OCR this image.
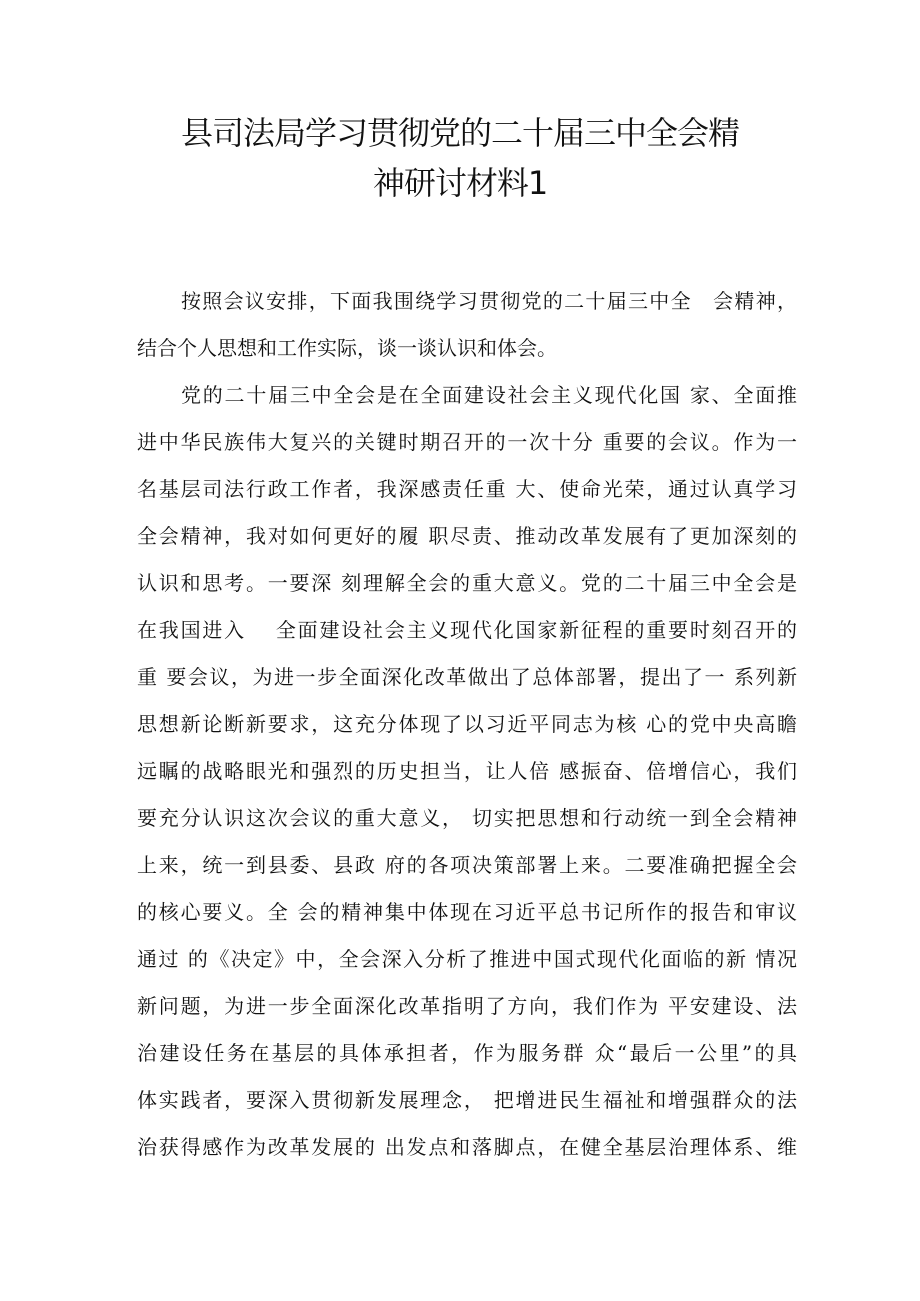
县司法局学习贯彻党的二十届三中全会精
神研讨材料1
按照会议安排，下面我围绕学习贯彻党的二十届三中全　会精神，
结合个人思想和工作实际，谈一谈认识和体会。
党的二十届三中全会是在全面建设社会主义现代化国 家、全面推
进中华民族伟大复兴的关键时期召开的一次十分 重要的会议。作为一
名基层司法行政工作者，我深感责任重 大、使命光荣，通过认真学习
全会精神，我对如何更好的履 职尽责、推动改革发展有了更加深刻的
认识和思考。一要深 刻理解全会的重大意义。党的二十届三中全会是
在我国进入　 全面建设社会主义现代化国家新征程的重要时刻召开的
重 要会议，为进一步全面深化改革做出了总体部署，提出了一 系列新
思想新论断新要求，这充分体现了以习近平同志为核 心的党中央高瞻
远瞩的战略眼光和强烈的历史担当，让人倍 感振奋、倍增信心，我们
要充分认识这次会议的重大意义， 切实把思想和行动统一到全会精神
上来，统一到县委、县政 府的各项决策部署上来。二要准确把握全会
的核心要义。全 会的精神集中体现在习近平总书记所作的报告和审议
通过 的《决定》中，全会深入分析了推进中国式现代化面临的新 情况
新问题，为进一步全面深化改革指明了方向，我们作为 平安建设、法
治建设任务在基层的具体承担者，作为服务群 众“最后一公里”的具
体实践者，要深入贯彻新发展理念， 把增进民生福祉和增强群众的法
治获得感作为改革发展的 出发点和落脚点，在健全基层治理体系、维
